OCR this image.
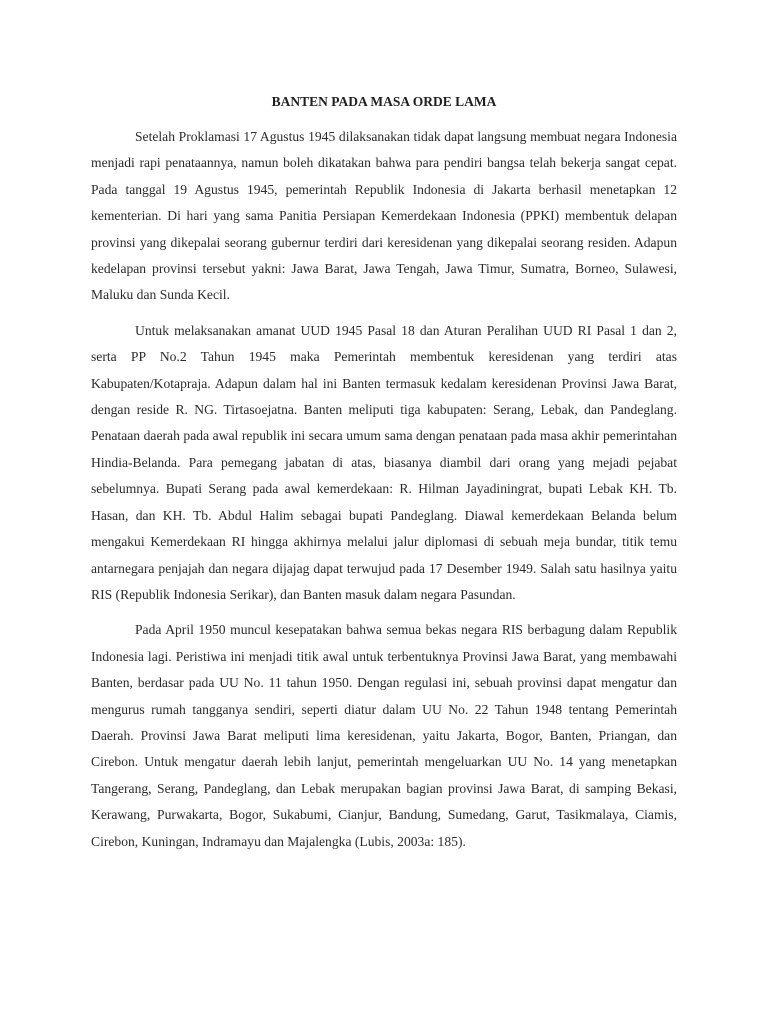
BANTEN PADA MASA ORDE LAMA

Setelah Proklamasi 17 Agustus 1945 dilaksanakan tidak dapat langsung membuat negara Indonesia menjadi rapi penataannya, namun boleh dikatakan bahwa para pendiri bangsa telah bekerja sangat cepat. Pada tanggal 19 Agustus 1945, pemerintah Republik Indonesia di Jakarta berhasil menetapkan 12 kementerian. Di hari yang sama Panitia Persiapan Kemerdekaan Indonesia (PPKI) membentuk delapan provinsi yang dikepalai seorang gubernur terdiri dari keresidenan yang dikepalai seorang residen. Adapun kedelapan provinsi tersebut yakni: Jawa Barat, Jawa Tengah, Jawa Timur, Sumatra, Borneo, Sulawesi, Maluku dan Sunda Kecil.

Untuk melaksanakan amanat UUD 1945 Pasal 18 dan Aturan Peralihan UUD RI Pasal 1 dan 2, serta PP No.2 Tahun 1945 maka Pemerintah membentuk keresidenan yang terdiri atas Kabupaten/Kotapraja. Adapun dalam hal ini Banten termasuk kedalam keresidenan Provinsi Jawa Barat, dengan reside R. NG. Tirtasoejatna. Banten meliputi tiga kabupaten: Serang, Lebak, dan Pandeglang. Penataan daerah pada awal republik ini secara umum sama dengan penataan pada masa akhir pemerintahan Hindia-Belanda. Para pemegang jabatan di atas, biasanya diambil dari orang yang mejadi pejabat sebelumnya. Bupati Serang pada awal kemerdekaan: R. Hilman Jayadiningrat, bupati Lebak KH. Tb. Hasan, dan KH. Tb. Abdul Halim sebagai bupati Pandeglang. Diawal kemerdekaan Belanda belum mengakui Kemerdekaan RI hingga akhirnya melalui jalur diplomasi di sebuah meja bundar, titik temu antarnegara penjajah dan negara dijajag dapat terwujud pada 17 Desember 1949. Salah satu hasilnya yaitu RIS (Republik Indonesia Serikar), dan Banten masuk dalam negara Pasundan.

Pada April 1950 muncul kesepatakan bahwa semua bekas negara RIS berbagung dalam Republik Indonesia lagi. Peristiwa ini menjadi titik awal untuk terbentuknya Provinsi Jawa Barat, yang membawahi Banten, berdasar pada UU No. 11 tahun 1950. Dengan regulasi ini, sebuah provinsi dapat mengatur dan mengurus rumah tangganya sendiri, seperti diatur dalam UU No. 22 Tahun 1948 tentang Pemerintah Daerah. Provinsi Jawa Barat meliputi lima keresidenan, yaitu Jakarta, Bogor, Banten, Priangan, dan Cirebon. Untuk mengatur daerah lebih lanjut, pemerintah mengeluarkan UU No. 14 yang menetapkan Tangerang, Serang, Pandeglang, dan Lebak merupakan bagian provinsi Jawa Barat, di samping Bekasi, Kerawang, Purwakarta, Bogor, Sukabumi, Cianjur, Bandung, Sumedang, Garut, Tasikmalaya, Ciamis, Cirebon, Kuningan, Indramayu dan Majalengka (Lubis, 2003a: 185).
